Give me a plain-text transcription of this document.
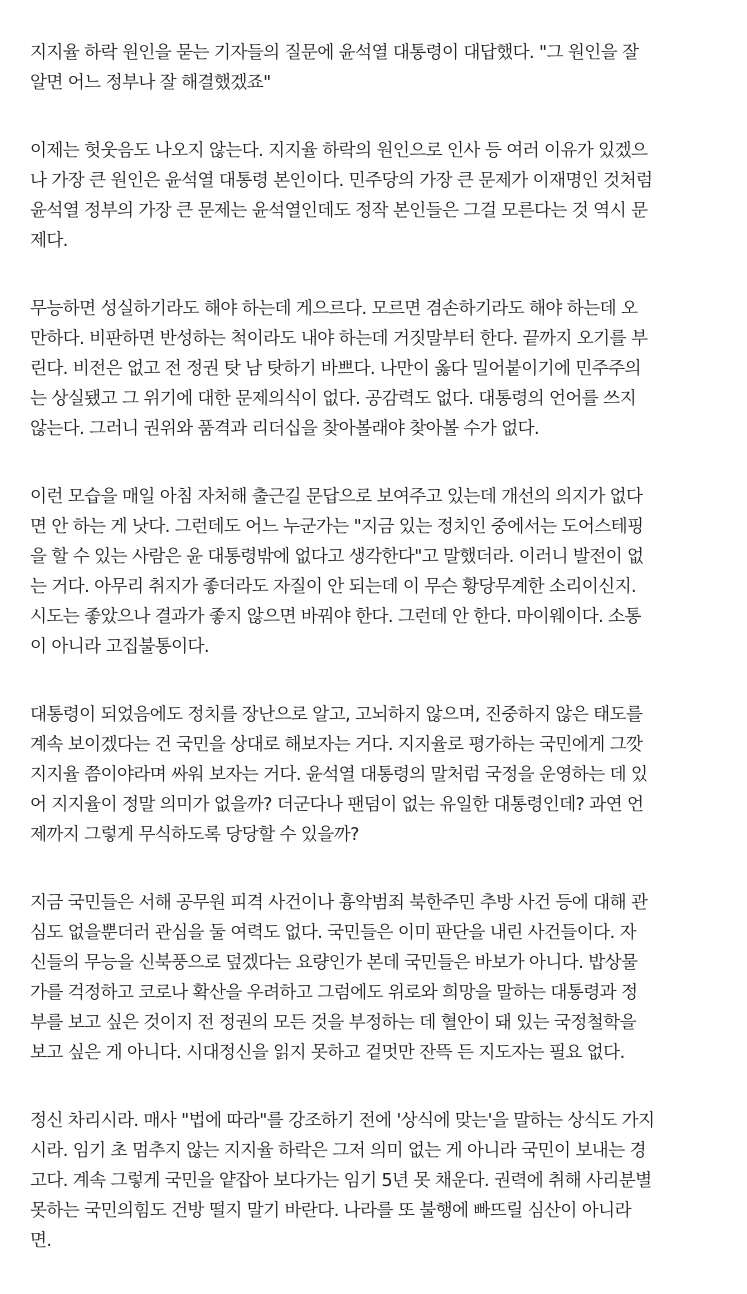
지지율 하락 원인을 묻는 기자들의 질문에 윤석열 대통령이 대답했다. "그 원인을 잘
알면 어느 정부나 잘 해결했겠죠"

이제는 헛웃음도 나오지 않는다. 지지율 하락의 원인으로 인사 등 여러 이유가 있겠으
나 가장 큰 원인은 윤석열 대통령 본인이다. 민주당의 가장 큰 문제가 이재명인 것처럼
윤석열 정부의 가장 큰 문제는 윤석열인데도 정작 본인들은 그걸 모른다는 것 역시 문
제다.

무능하면 성실하기라도 해야 하는데 게으르다. 모르면 겸손하기라도 해야 하는데 오
만하다. 비판하면 반성하는 척이라도 내야 하는데 거짓말부터 한다. 끝까지 오기를 부
린다. 비전은 없고 전 정권 탓 남 탓하기 바쁘다. 나만이 옳다 밀어붙이기에 민주주의
는 상실됐고 그 위기에 대한 문제의식이 없다. 공감력도 없다. 대통령의 언어를 쓰지
않는다. 그러니 권위와 품격과 리더십을 찾아볼래야 찾아볼 수가 없다.

이런 모습을 매일 아침 자처해 출근길 문답으로 보여주고 있는데 개선의 의지가 없다
면 안 하는 게 낫다. 그런데도 어느 누군가는 "지금 있는 정치인 중에서는 도어스테핑
을 할 수 있는 사람은 윤 대통령밖에 없다고 생각한다"고 말했더라. 이러니 발전이 없
는 거다. 아무리 취지가 좋더라도 자질이 안 되는데 이 무슨 황당무계한 소리이신지.
시도는 좋았으나 결과가 좋지 않으면 바꿔야 한다. 그런데 안 한다. 마이웨이다. 소통
이 아니라 고집불통이다.

대통령이 되었음에도 정치를 장난으로 알고, 고뇌하지 않으며, 진중하지 않은 태도를
계속 보이겠다는 건 국민을 상대로 해보자는 거다. 지지율로 평가하는 국민에게 그깟
지지율 쯤이야라며 싸워 보자는 거다. 윤석열 대통령의 말처럼 국정을 운영하는 데 있
어 지지율이 정말 의미가 없을까? 더군다나 팬덤이 없는 유일한 대통령인데? 과연 언
제까지 그렇게 무식하도록 당당할 수 있을까?

지금 국민들은 서해 공무원 피격 사건이나 흉악범죄 북한주민 추방 사건 등에 대해 관
심도 없을뿐더러 관심을 둘 여력도 없다. 국민들은 이미 판단을 내린 사건들이다. 자
신들의 무능을 신북풍으로 덮겠다는 요량인가 본데 국민들은 바보가 아니다. 밥상물
가를 걱정하고 코로나 확산을 우려하고 그럼에도 위로와 희망을 말하는 대통령과 정
부를 보고 싶은 것이지 전 정권의 모든 것을 부정하는 데 혈안이 돼 있는 국정철학을
보고 싶은 게 아니다. 시대정신을 읽지 못하고 겉멋만 잔뜩 든 지도자는 필요 없다.

정신 차리시라. 매사 "법에 따라"를 강조하기 전에 '상식에 맞는'을 말하는 상식도 가지
시라. 임기 초 멈추지 않는 지지율 하락은 그저 의미 없는 게 아니라 국민이 보내는 경
고다. 계속 그렇게 국민을 얕잡아 보다가는 임기 5년 못 채운다. 권력에 취해 사리분별
못하는 국민의힘도 건방 떨지 말기 바란다. 나라를 또 불행에 빠뜨릴 심산이 아니라
면.
